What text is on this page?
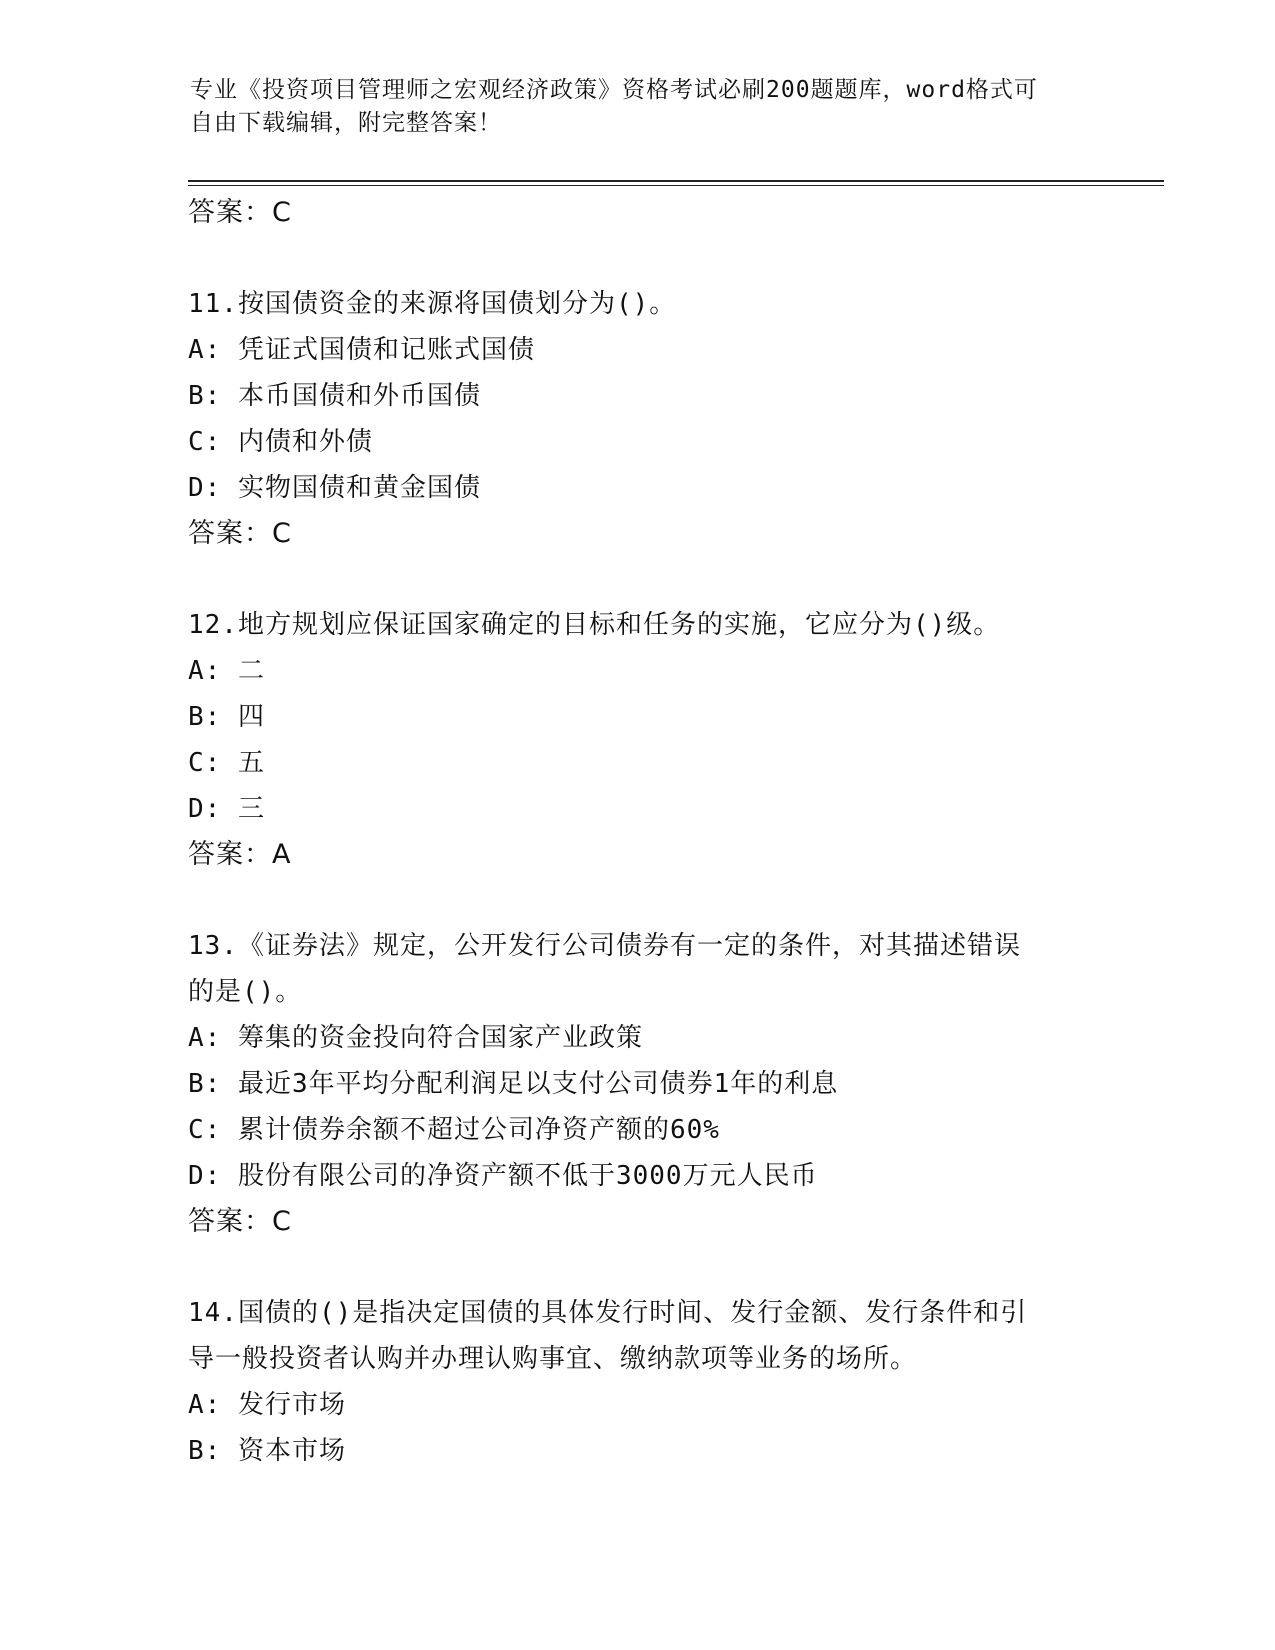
专业《投资项目管理师之宏观经济政策》资格考试必刷200题题库，word格式可
自由下载编辑，附完整答案！
答案：C
11.按国债资金的来源将国债划分为()。
A: 凭证式国债和记账式国债
B: 本币国债和外币国债
C: 内债和外债
D: 实物国债和黄金国债
答案：C
12.地方规划应保证国家确定的目标和任务的实施，它应分为()级。
A: 二
B: 四
C: 五
D: 三
答案：A
13.《证券法》规定，公开发行公司债券有一定的条件，对其描述错误
的是()。
A: 筹集的资金投向符合国家产业政策
B: 最近3年平均分配利润足以支付公司债券1年的利息
C: 累计债券余额不超过公司净资产额的60%
D: 股份有限公司的净资产额不低于3000万元人民币
答案：C
14.国债的()是指决定国债的具体发行时间、发行金额、发行条件和引
导一般投资者认购并办理认购事宜、缴纳款项等业务的场所。
A: 发行市场
B: 资本市场
